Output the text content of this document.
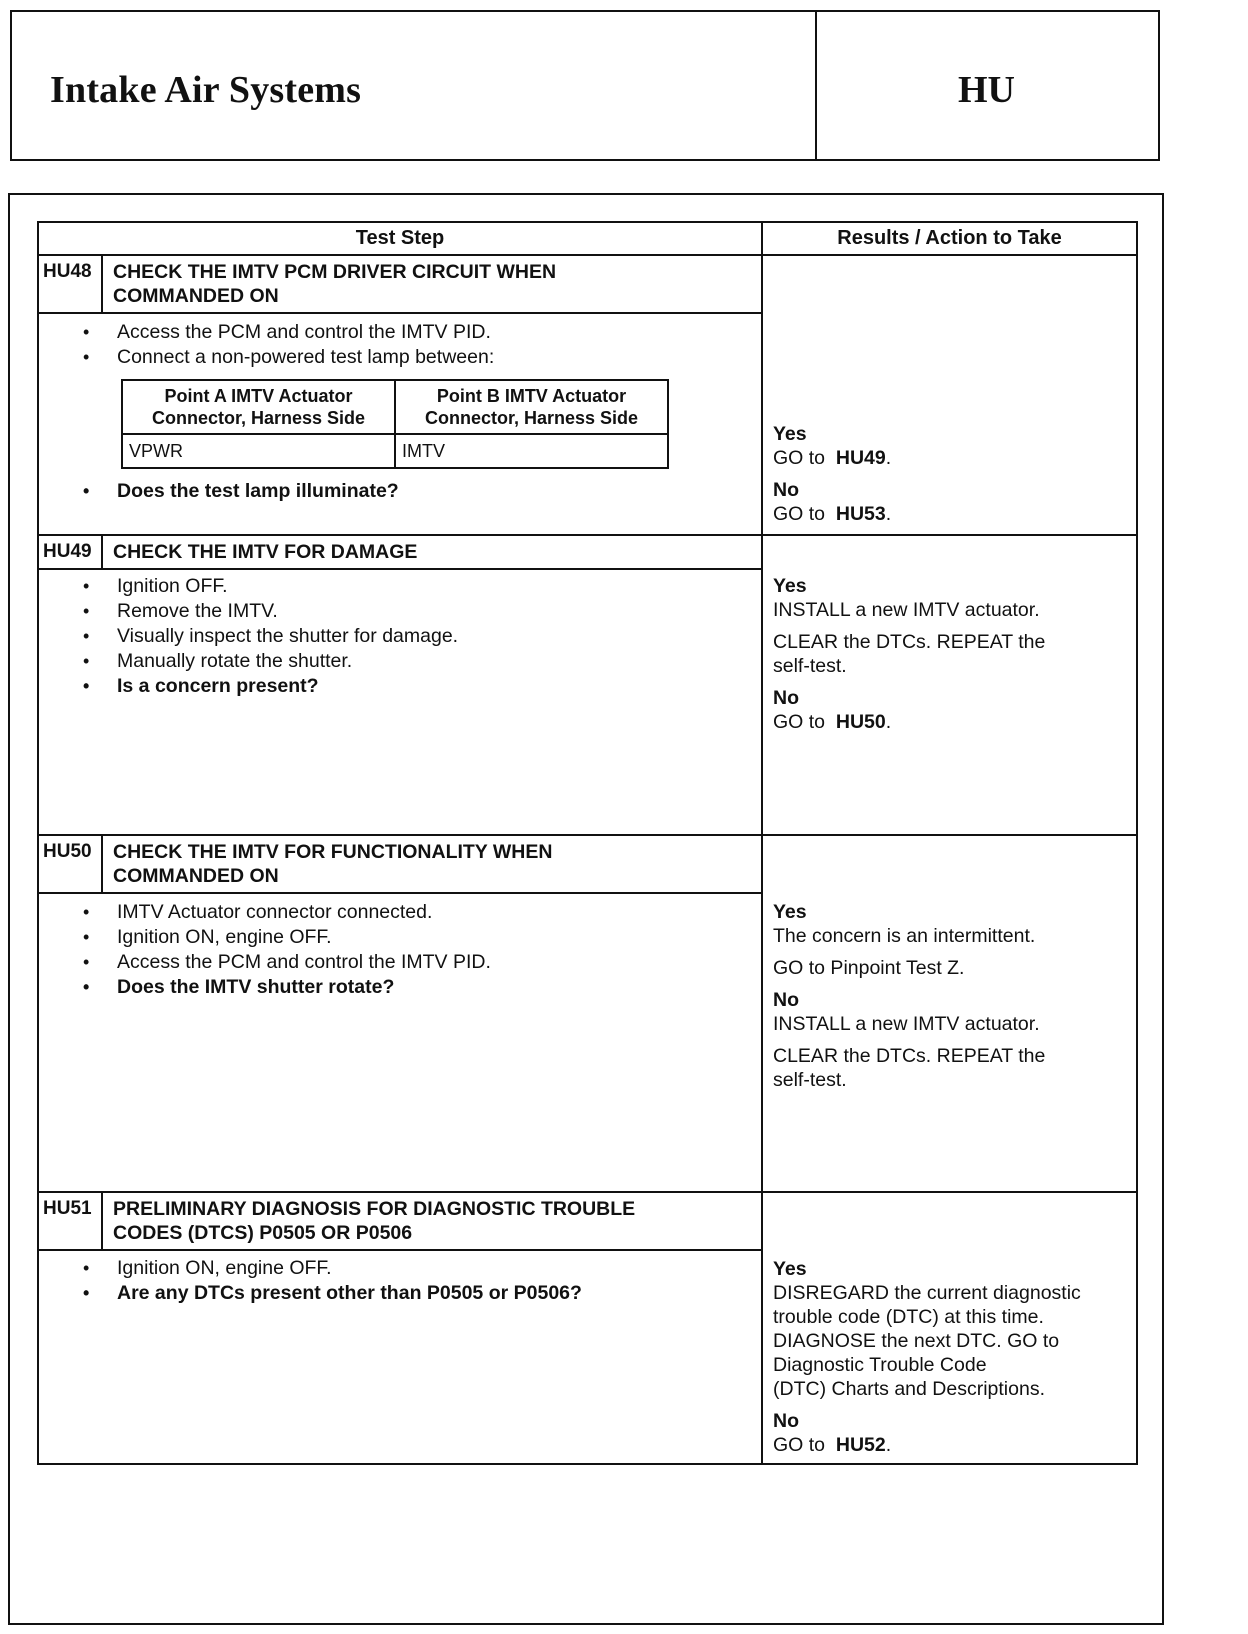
Intake Air Systems	HU
Test Step	Results / Action to Take

HU48	CHECK THE IMTV PCM DRIVER CIRCUIT WHEN
COMMANDED ON
• Access the PCM and control the IMTV PID.
• Connect a non-powered test lamp between:
Point A IMTV Actuator Connector, Harness Side	Point B IMTV Actuator Connector, Harness Side
VPWR	IMTV
• Does the test lamp illuminate?

Yes
GO to HU49.
No
GO to HU53.

HU49	CHECK THE IMTV FOR DAMAGE
• Ignition OFF.
• Remove the IMTV.
• Visually inspect the shutter for damage.
• Manually rotate the shutter.
• Is a concern present?

Yes
INSTALL a new IMTV actuator.
CLEAR the DTCs. REPEAT the
self-test.
No
GO to HU50.

HU50	CHECK THE IMTV FOR FUNCTIONALITY WHEN
COMMANDED ON
• IMTV Actuator connector connected.
• Ignition ON, engine OFF.
• Access the PCM and control the IMTV PID.
• Does the IMTV shutter rotate?

Yes
The concern is an intermittent.
GO to Pinpoint Test Z.
No
INSTALL a new IMTV actuator.
CLEAR the DTCs. REPEAT the
self-test.

HU51	PRELIMINARY DIAGNOSIS FOR DIAGNOSTIC TROUBLE
CODES (DTCS) P0505 OR P0506
• Ignition ON, engine OFF.
• Are any DTCs present other than P0505 or P0506?

Yes
DISREGARD the current diagnostic
trouble code (DTC) at this time.
DIAGNOSE the next DTC. GO to
Diagnostic Trouble Code
(DTC) Charts and Descriptions.
No
GO to HU52.
